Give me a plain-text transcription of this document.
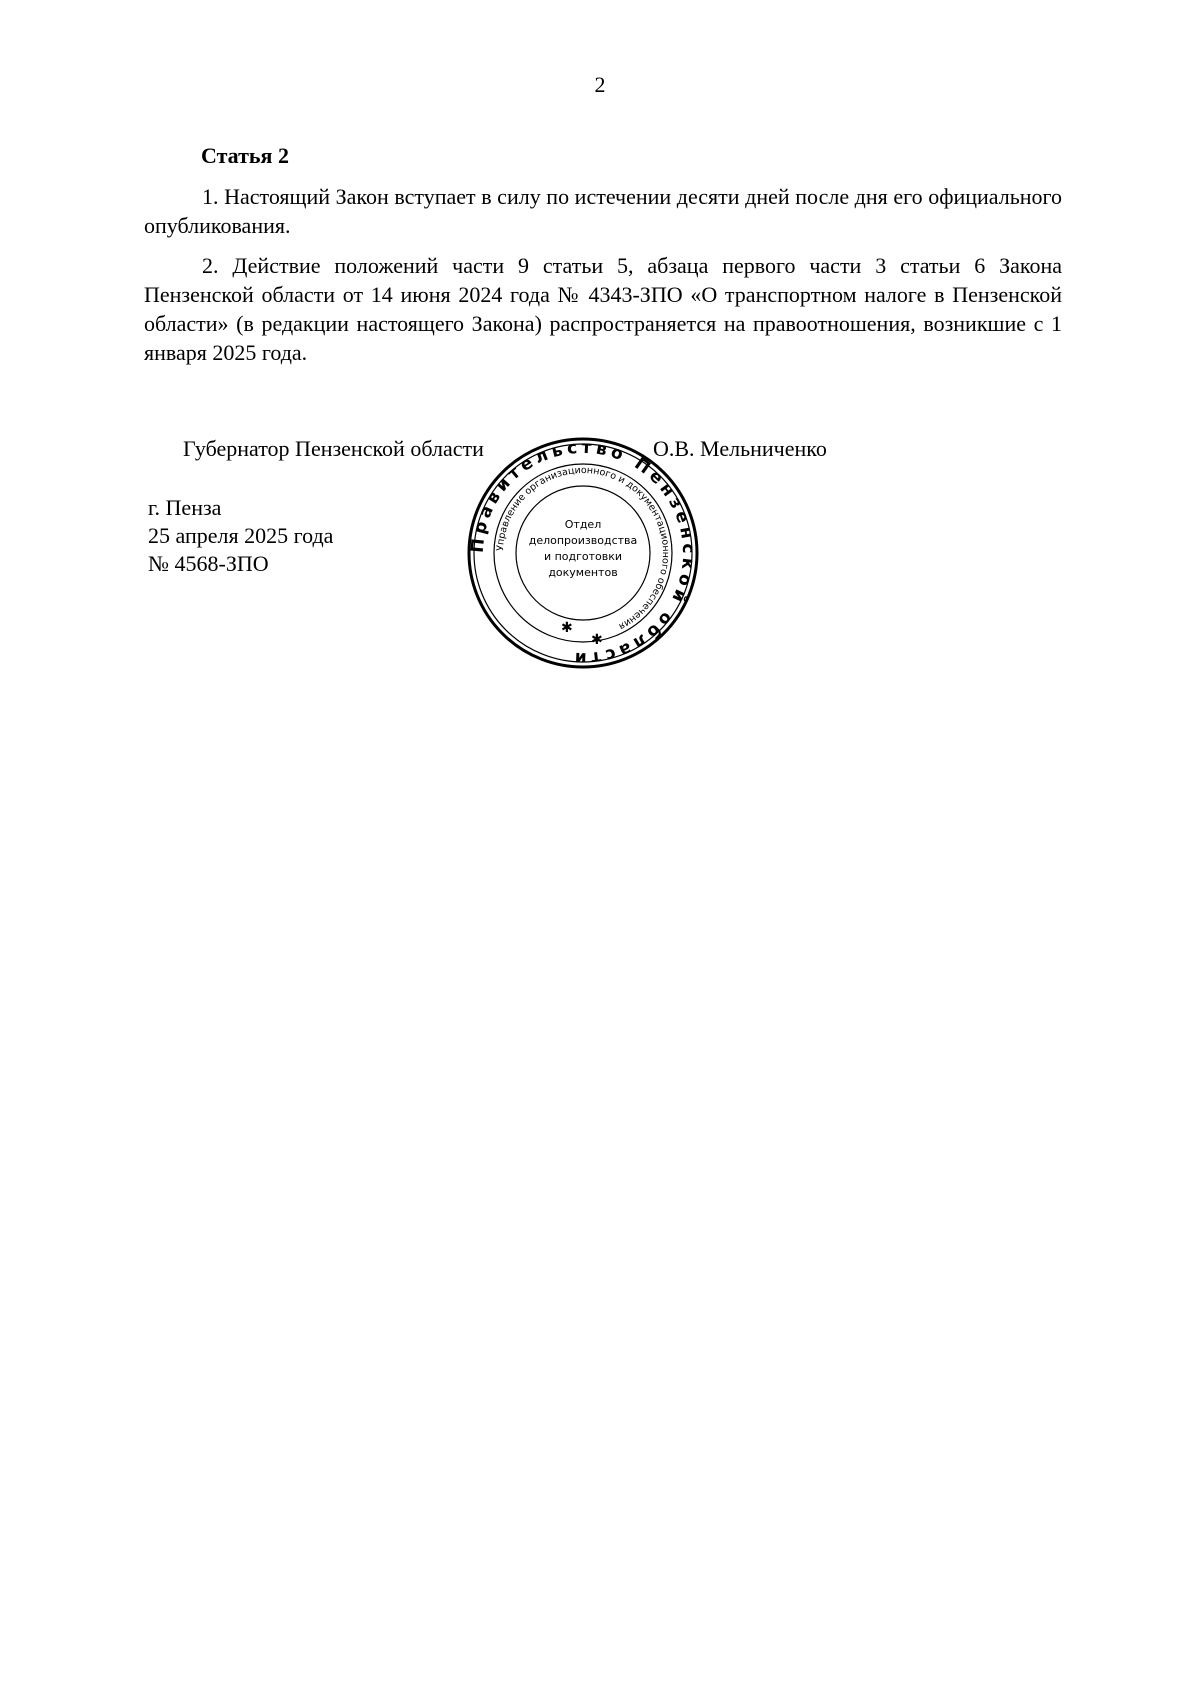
2
Статья 2

1. Настоящий Закон вступает в силу по истечении десяти дней после дня его официального опубликования.

2. Действие положений части 9 статьи 5, абзаца первого части 3 статьи 6 Закона Пензенской области от 14 июня 2024 года № 4343-ЗПО «О транспортном налоге в Пензенской области» (в редакции настоящего Закона) распространяется на правоотношения, возникшие с 1 января 2025 года.

Губернатор Пензенской области	О.В. Мельниченко
г. Пенза
25 апреля 2025 года
№ 4568-ЗПО
Правительство Пензенской области
Управление организационного и документационного обеспечения
Отдел
делопроизводства
и подготовки
документов
✱
✱
